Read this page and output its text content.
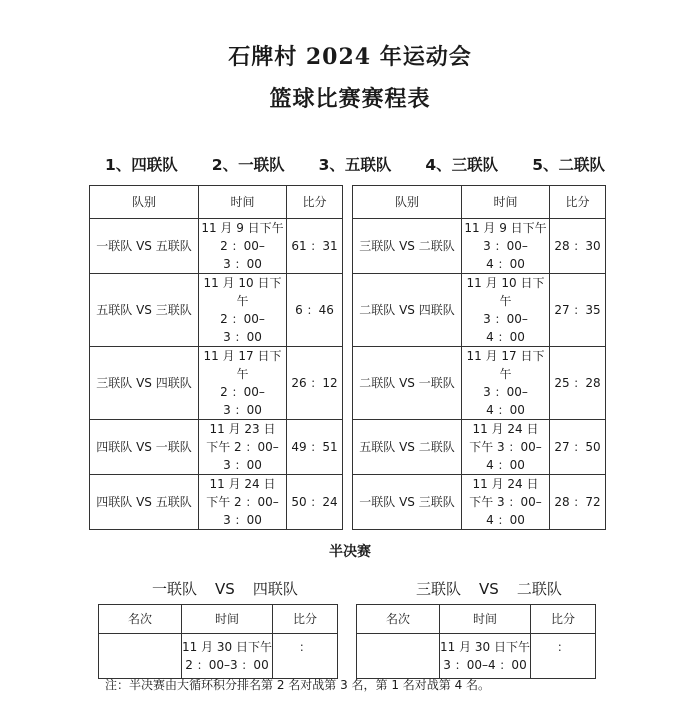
石牌村 2024 年运动会
篮球比赛赛程表
1、四联队 2、一联队 3、五联队 4、三联队 5、二联队
队别	时间	比分
一联队 VS 五联队	11 月 9 日下午
2 ：00–
3 ：00	61 ：31
五联队 VS 三联队	11 月 10 日下午
2 ：00–
3 ：00	6 ：46
三联队 VS 四联队	11 月 17 日下午
2 ：00–
3 ：00	26 ：12
四联队 VS 一联队	11 月 23 日
下午 2 ：00–
3 ：00	49 ：51
四联队 VS 五联队	11 月 24 日
下午 2 ：00–
3 ：00	50 ：24
队别	时间	比分
三联队 VS 二联队	11 月 9 日下午
3 ：00–
4 ：00	28 ：30
二联队 VS 四联队	11 月 10 日下午
3 ：00–
4 ：00	27 ：35
二联队 VS 一联队	11 月 17 日下午
3 ：00–
4 ：00	25 ：28
五联队 VS 二联队	11 月 24 日
下午 3 ：00–
4 ：00	27 ：50
一联队 VS 三联队	11 月 24 日
下午 3 ：00–
4 ：00	28 ：72
半决赛
一联队 VS 四联队	三联队 VS 二联队
名次	时间	比分

	11 月 30 日下午
2 ：00–3 ：00	：
名次	时间	比分

	11 月 30 日下午
3 ：00–4 ：00	：
注：半决赛由大循环积分排名第 2 名对战第 3 名，第 1 名对战第 4 名。
